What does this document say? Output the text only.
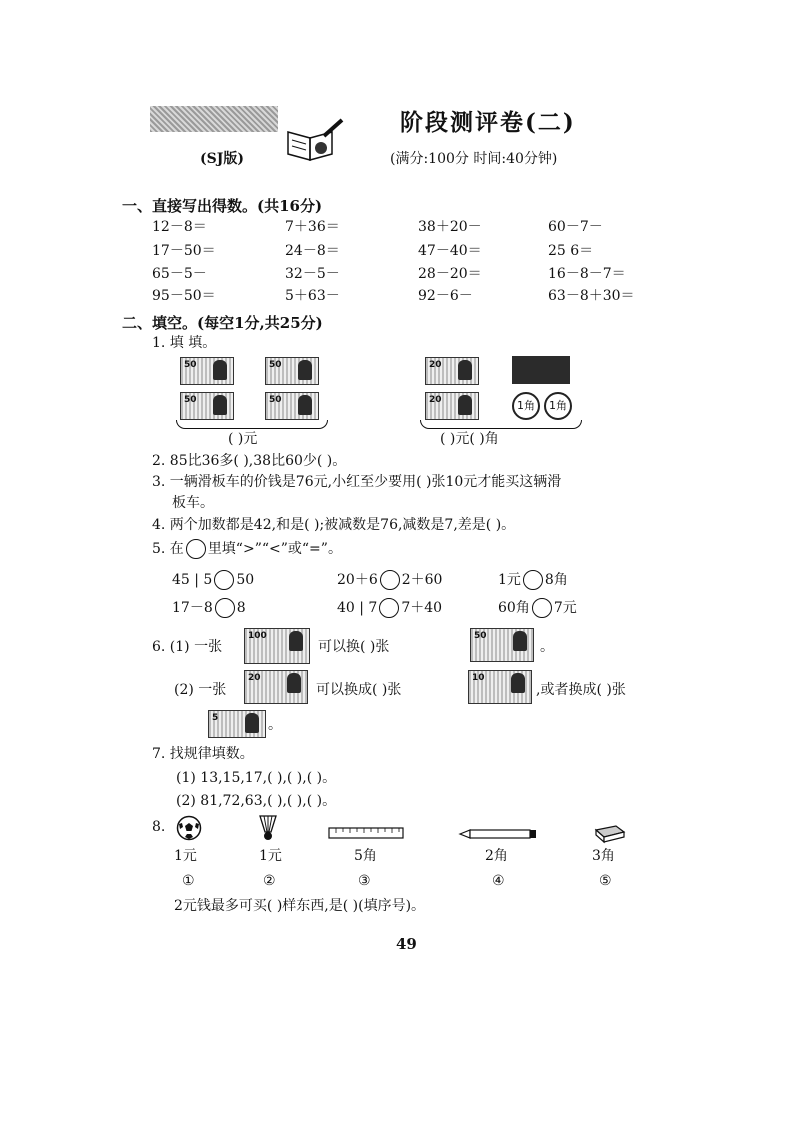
阶段测评卷(二)
(SJ版)	(满分:100分 时间:40分钟)
一、直接写出得数。(共16分)
12－8＝	7＋36＝	38＋20－	60－7－
17－50＝	24－8＝	47－40＝	25 6＝
65－5－	32－5－	28－20＝	16－8－7＝
95－50＝	5＋63－	92－6－	63－8＋30＝
二、填空。(每空1分,共25分)
1. 填 填。
50	50
50	50
( )元
20
20	1角	1角
( )元( )角
2. 85比36多( ),38比60少( )。
3. 一辆滑板车的价钱是76元,小红至少要用( )张10元才能买这辆滑
板车。
4. 两个加数都是42,和是( );被减数是76,减数是7,差是( )。
5. 在 里填“>”“<”或“=”。
45 | 5 50	20＋6 2＋60	1元 8角
17－8 8	40 | 7 7＋40	60角 7元
6. (1) 一张
100
可以换( )张
50
。
(2) 一张
20
可以换成( )张
10
,或者换成( )张
5	。
7. 找规律填数。
(1) 13,15,17,( ),( ),( )。
(2) 81,72,63,( ),( ),( )。
8.
1元	1元	5角	2角	3角
①	②	③	④	⑤
2元钱最多可买( )样东西,是( )(填序号)。
49
